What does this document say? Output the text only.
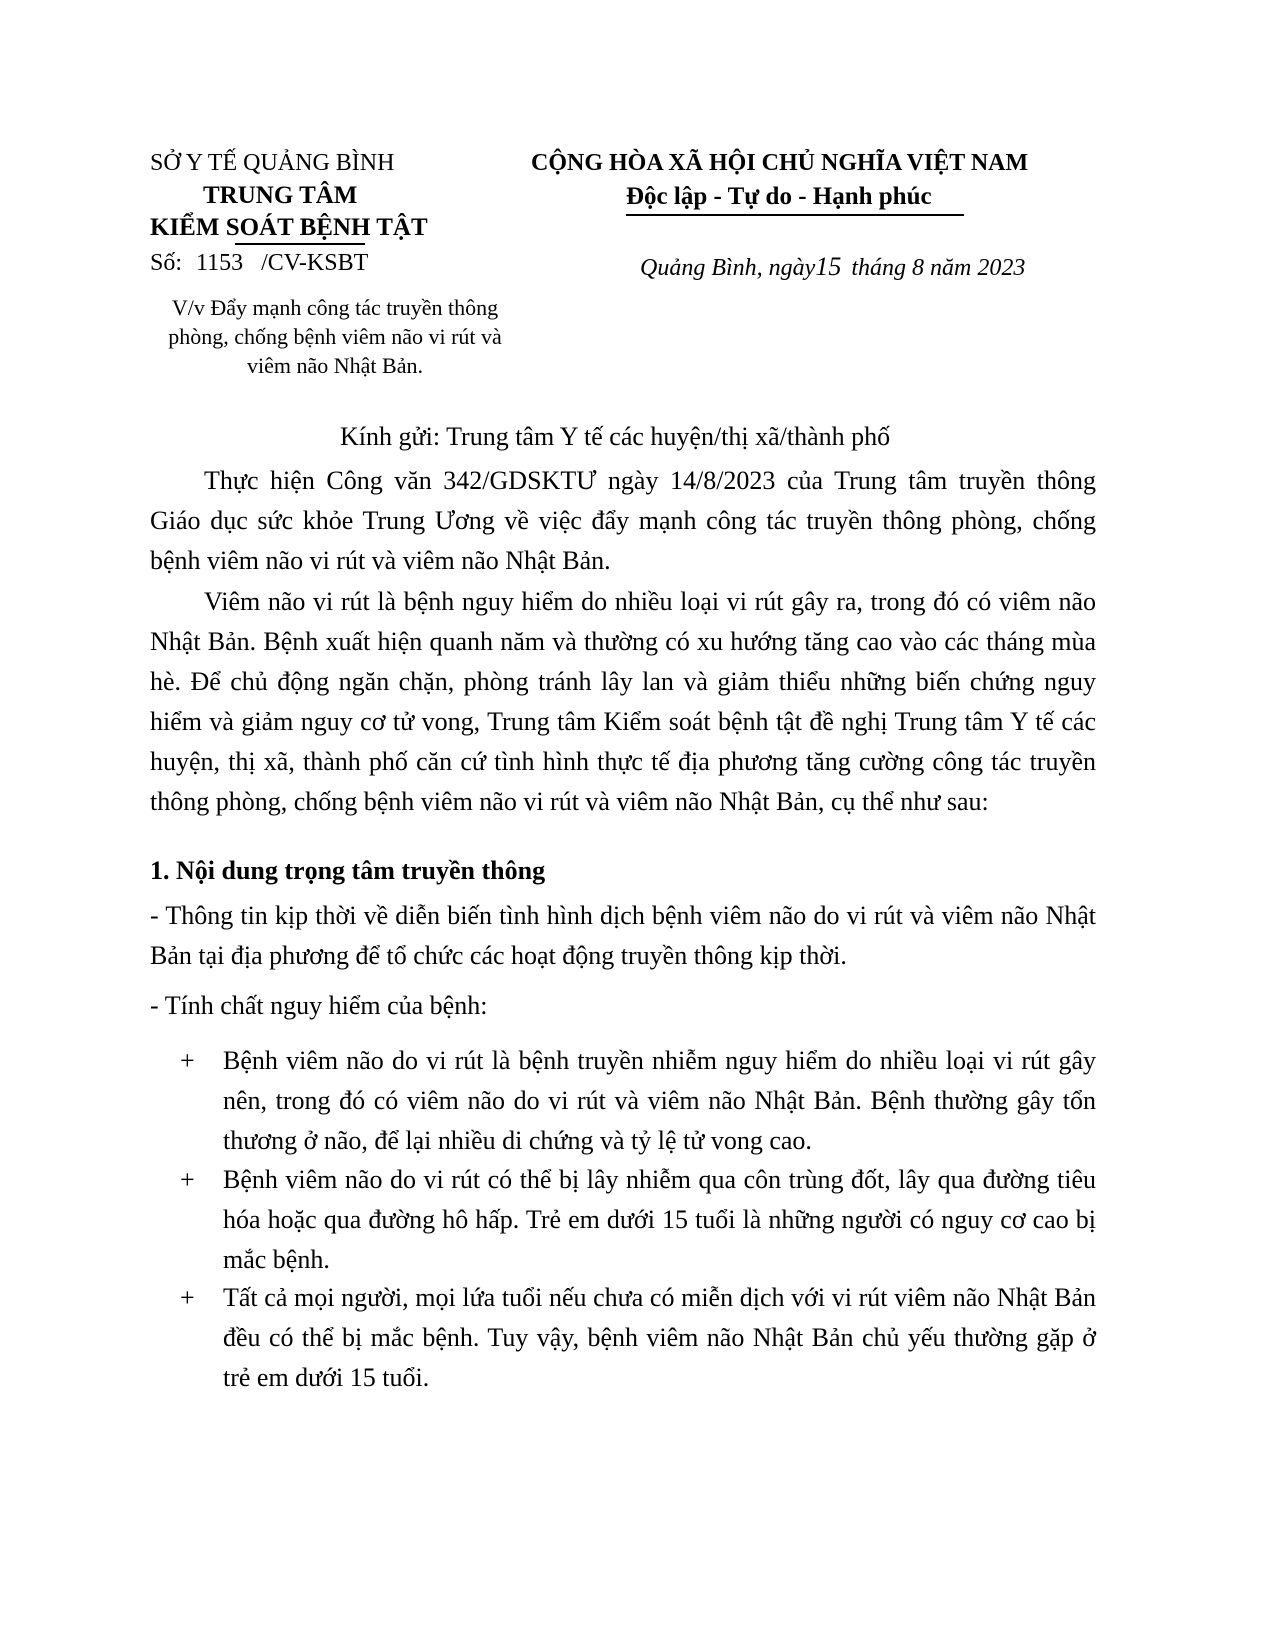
SỞ Y TẾ QUẢNG BÌNH
TRUNG TÂM
KIỂM SOÁT BỆNH TẬT
Số: 1153 /CV-KSBT
V/v Đẩy mạnh công tác truyền thông phòng, chống bệnh viêm não vi rút và viêm não Nhật Bản.
CỘNG HÒA XÃ HỘI CHỦ NGHĨA VIỆT NAM
Độc lập - Tự do - Hạnh phúc
Quảng Bình, ngày15 tháng 8 năm 2023
Kính gửi: Trung tâm Y tế các huyện/thị xã/thành phố
Thực hiện Công văn 342/GDSKTƯ ngày 14/8/2023 của Trung tâm truyền thông Giáo dục sức khỏe Trung Ương về việc đẩy mạnh công tác truyền thông phòng, chống bệnh viêm não vi rút và viêm não Nhật Bản.
Viêm não vi rút là bệnh nguy hiểm do nhiều loại vi rút gây ra, trong đó có viêm não Nhật Bản. Bệnh xuất hiện quanh năm và thường có xu hướng tăng cao vào các tháng mùa hè. Để chủ động ngăn chặn, phòng tránh lây lan và giảm thiểu những biến chứng nguy hiểm và giảm nguy cơ tử vong, Trung tâm Kiểm soát bệnh tật đề nghị Trung tâm Y tế các huyện, thị xã, thành phố căn cứ tình hình thực tế địa phương tăng cường công tác truyền thông phòng, chống bệnh viêm não vi rút và viêm não Nhật Bản, cụ thể như sau:
1. Nội dung trọng tâm truyền thông
- Thông tin kịp thời về diễn biến tình hình dịch bệnh viêm não do vi rút và viêm não Nhật Bản tại địa phương để tổ chức các hoạt động truyền thông kịp thời.
- Tính chất nguy hiểm của bệnh:
+ Bệnh viêm não do vi rút là bệnh truyền nhiễm nguy hiểm do nhiều loại vi rút gây nên, trong đó có viêm não do vi rút và viêm não Nhật Bản. Bệnh thường gây tổn thương ở não, để lại nhiều di chứng và tỷ lệ tử vong cao.
+ Bệnh viêm não do vi rút có thể bị lây nhiễm qua côn trùng đốt, lây qua đường tiêu hóa hoặc qua đường hô hấp. Trẻ em dưới 15 tuổi là những người có nguy cơ cao bị mắc bệnh.
+ Tất cả mọi người, mọi lứa tuổi nếu chưa có miễn dịch với vi rút viêm não Nhật Bản đều có thể bị mắc bệnh. Tuy vậy, bệnh viêm não Nhật Bản chủ yếu thường gặp ở trẻ em dưới 15 tuổi.
